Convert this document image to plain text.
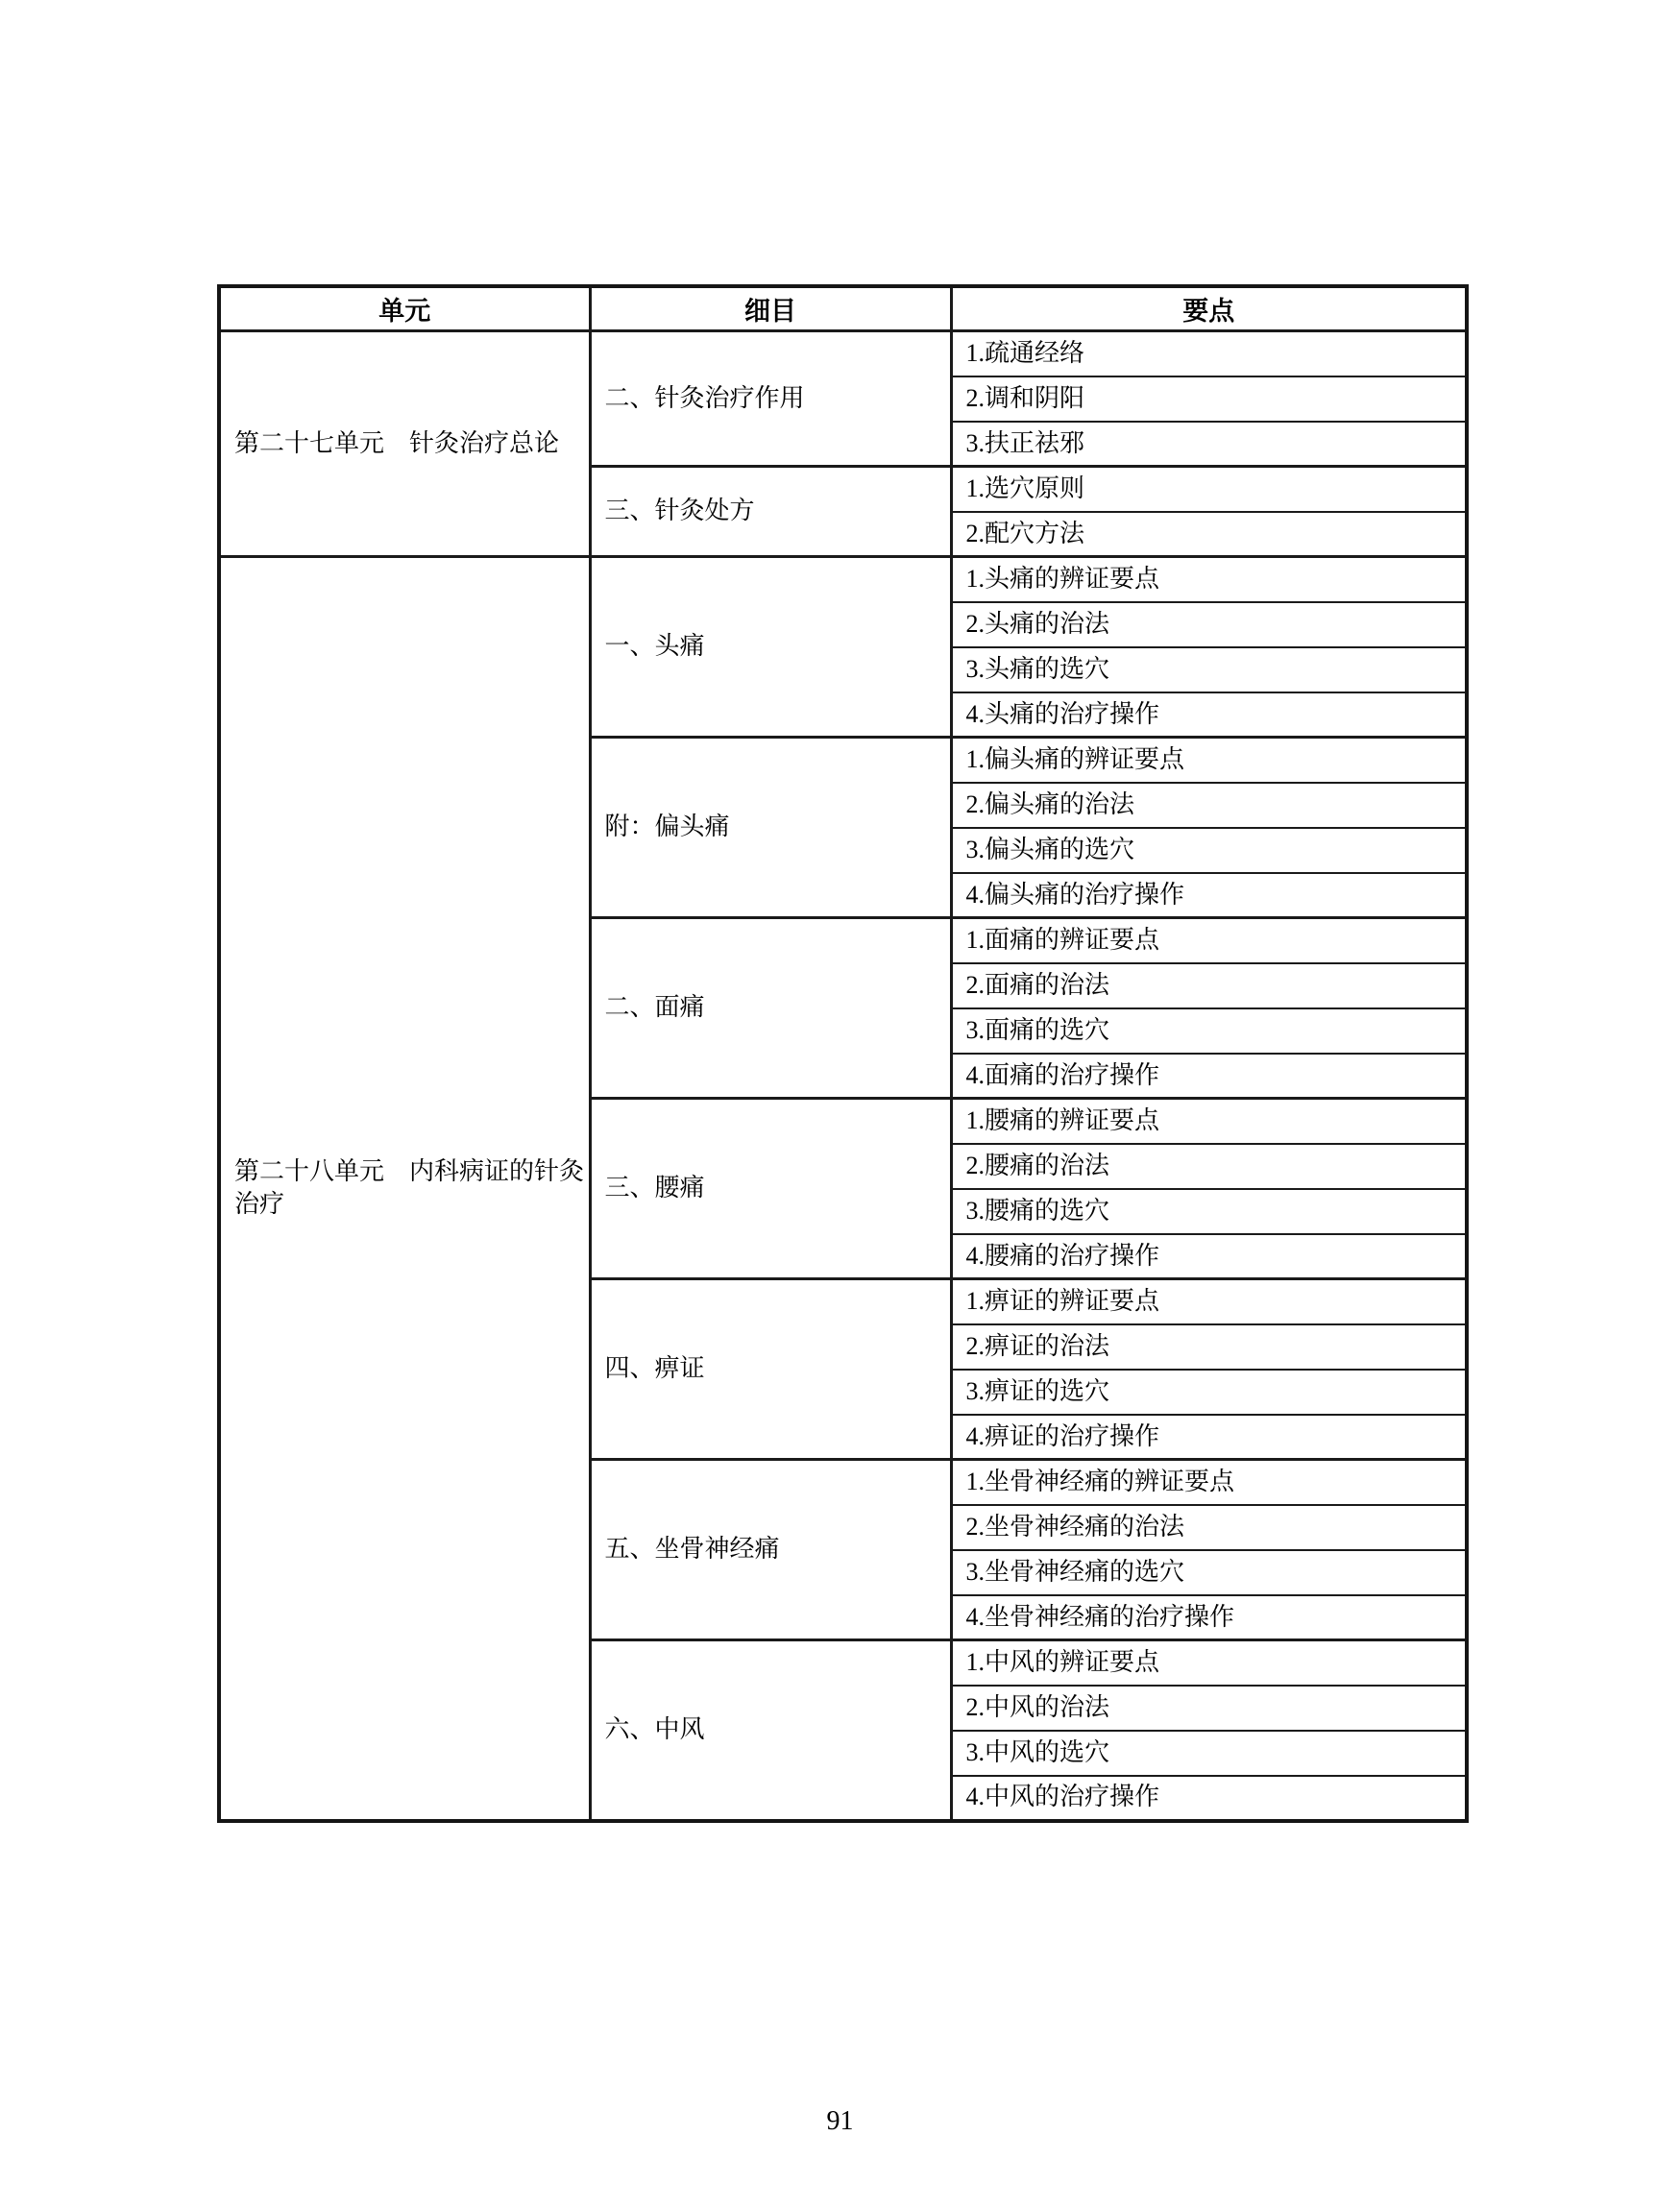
单元	细目	要点
第二十七单元　针灸治疗总论	二、针灸治疗作用	1.疏通经络
		2.调和阴阳
		3.扶正祛邪
	三、针灸处方	1.选穴原则
		2.配穴方法
第二十八单元　内科病证的针灸治疗	一、头痛	1.头痛的辨证要点
		2.头痛的治法
		3.头痛的选穴
		4.头痛的治疗操作
	附：偏头痛	1.偏头痛的辨证要点
		2.偏头痛的治法
		3.偏头痛的选穴
		4.偏头痛的治疗操作
	二、面痛	1.面痛的辨证要点
		2.面痛的治法
		3.面痛的选穴
		4.面痛的治疗操作
	三、腰痛	1.腰痛的辨证要点
		2.腰痛的治法
		3.腰痛的选穴
		4.腰痛的治疗操作
	四、痹证	1.痹证的辨证要点
		2.痹证的治法
		3.痹证的选穴
		4.痹证的治疗操作
	五、坐骨神经痛	1.坐骨神经痛的辨证要点
		2.坐骨神经痛的治法
		3.坐骨神经痛的选穴
		4.坐骨神经痛的治疗操作
	六、中风	1.中风的辨证要点
		2.中风的治法
		3.中风的选穴
		4.中风的治疗操作
91
